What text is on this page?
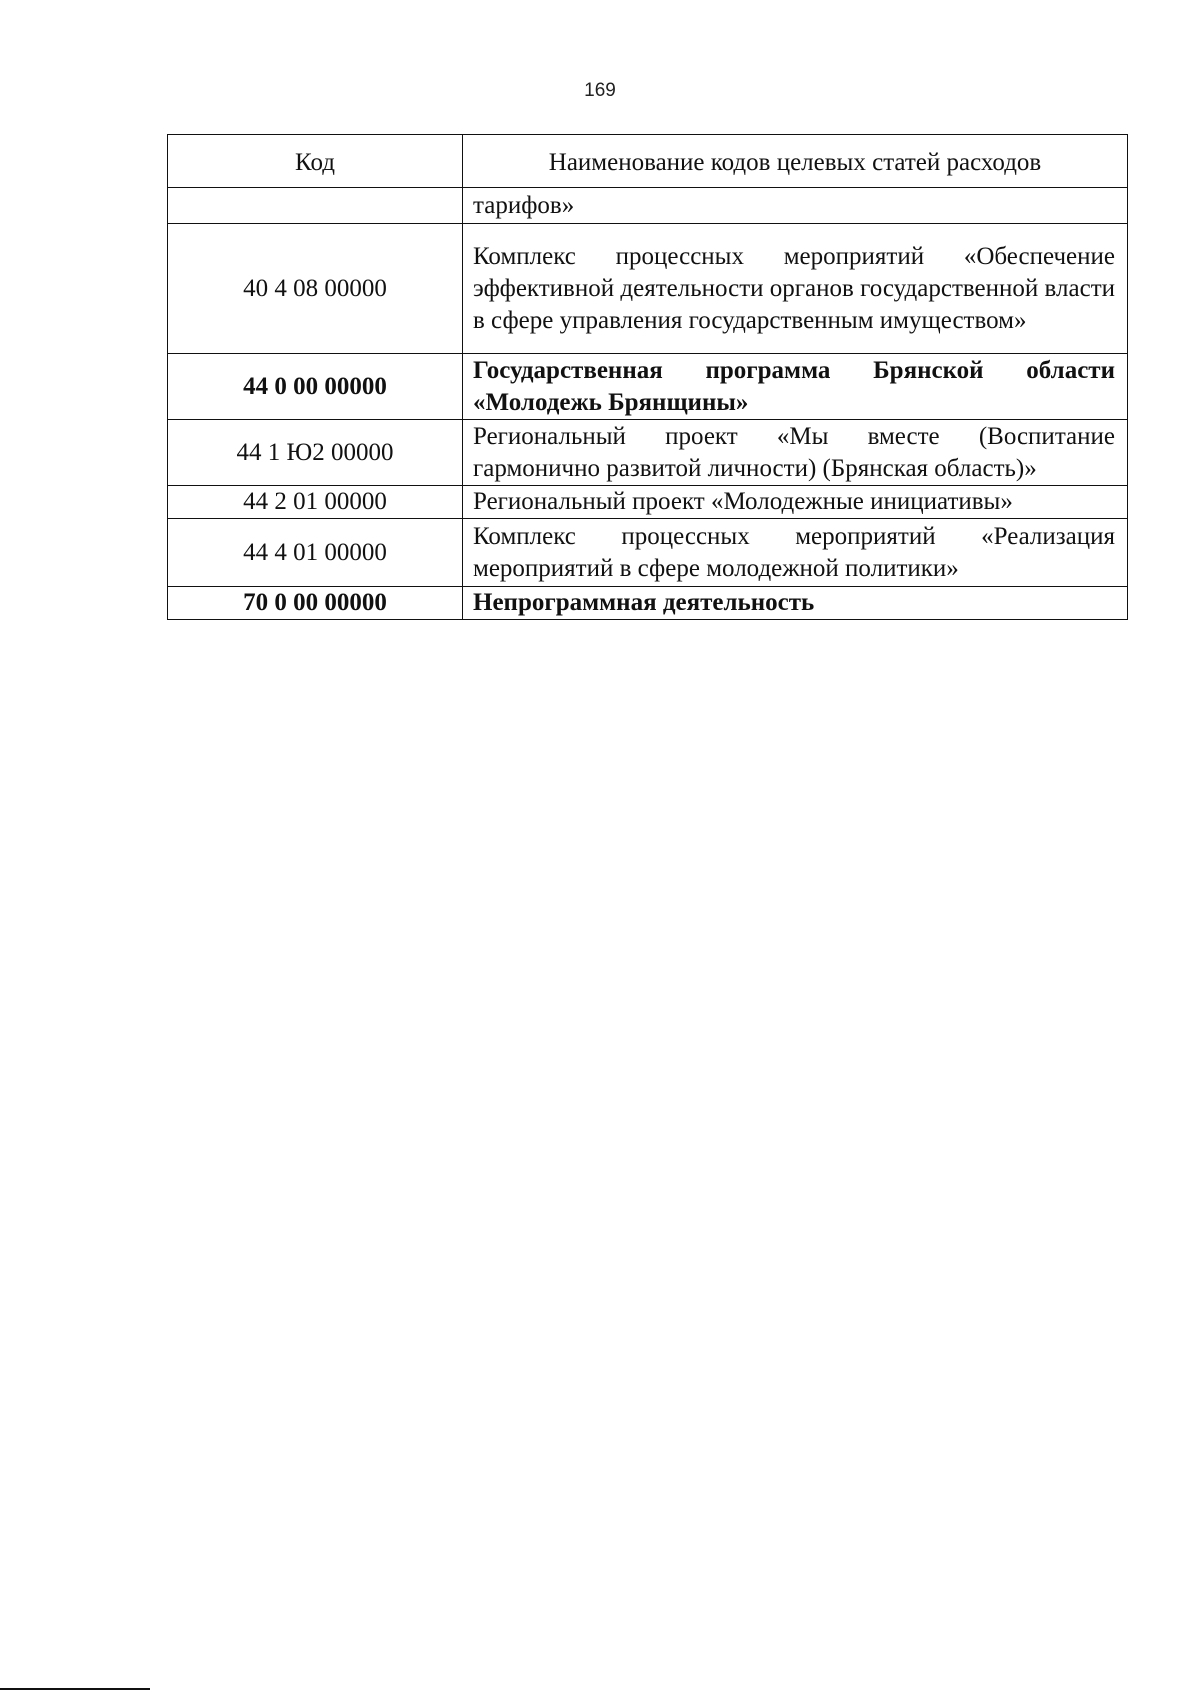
169
Код	Наименование кодов целевых статей расходов
	тарифов»
40 4 08 00000	Комплекс процессных мероприятий «Обеспечение эффективной деятельности органов государственной власти в сфере управления государственным имуществом»
44 0 00 00000	Государственная программа Брянской области «Молодежь Брянщины»
44 1 Ю2 00000	Региональный проект «Мы вместе (Воспитание гармонично развитой личности) (Брянская область)»
44 2 01 00000	Региональный проект «Молодежные инициативы»
44 4 01 00000	Комплекс процессных мероприятий «Реализация мероприятий в сфере молодежной политики»
70 0 00 00000	Непрограммная деятельность
